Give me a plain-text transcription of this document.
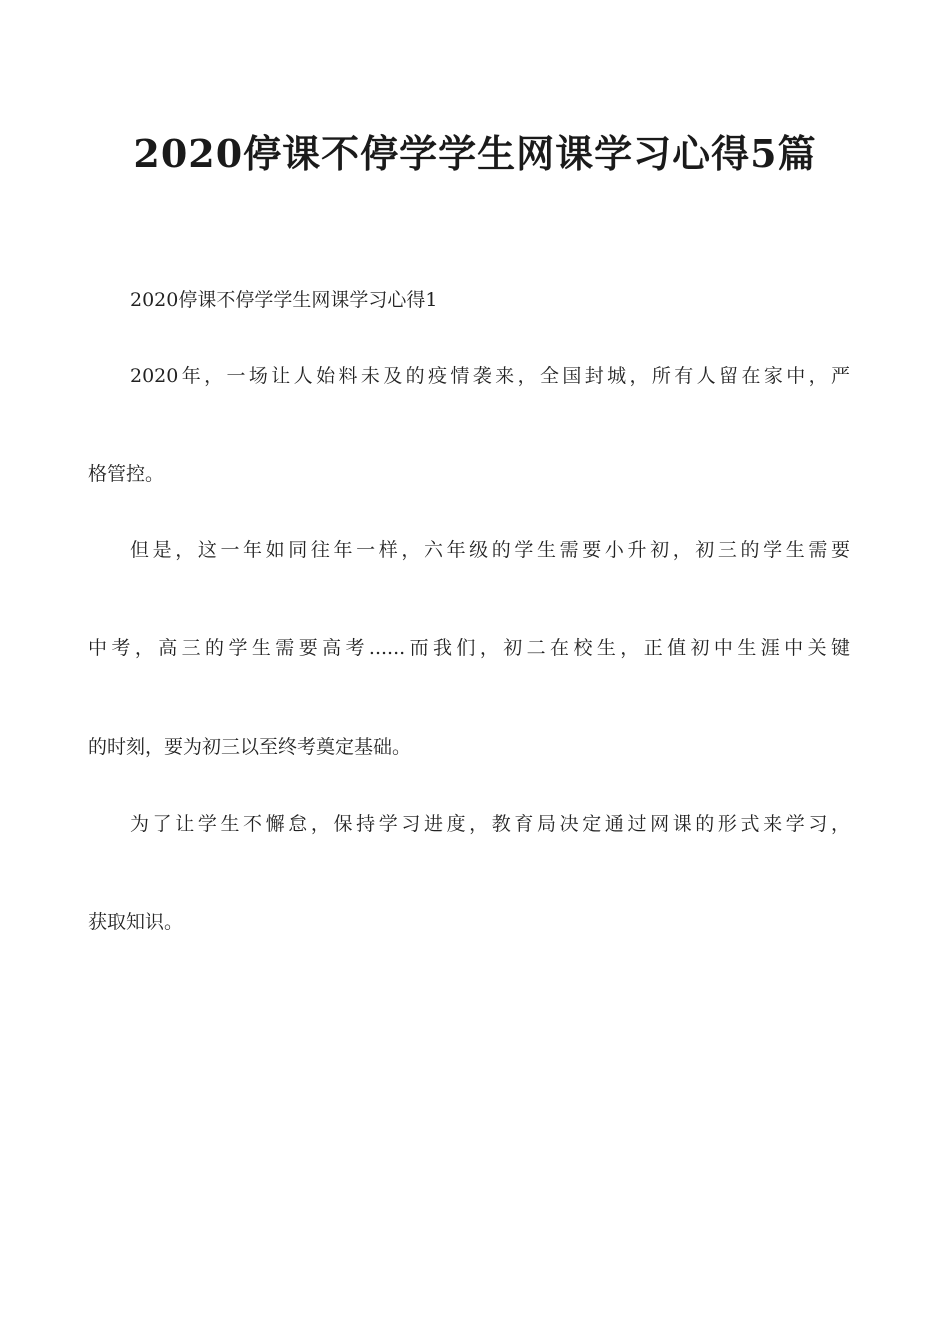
2020停课不停学学生网课学习心得5篇

2020停课不停学学生网课学习心得1

2020年，一场让人始料未及的疫情袭来，全国封城，所有人留在家中，严

格管控。

但是，这一年如同往年一样，六年级的学生需要小升初，初三的学生需要

中考，高三的学生需要高考......而我们，初二在校生，正值初中生涯中关键

的时刻，要为初三以至终考奠定基础。

为了让学生不懈怠，保持学习进度，教育局决定通过网课的形式来学习，

获取知识。
